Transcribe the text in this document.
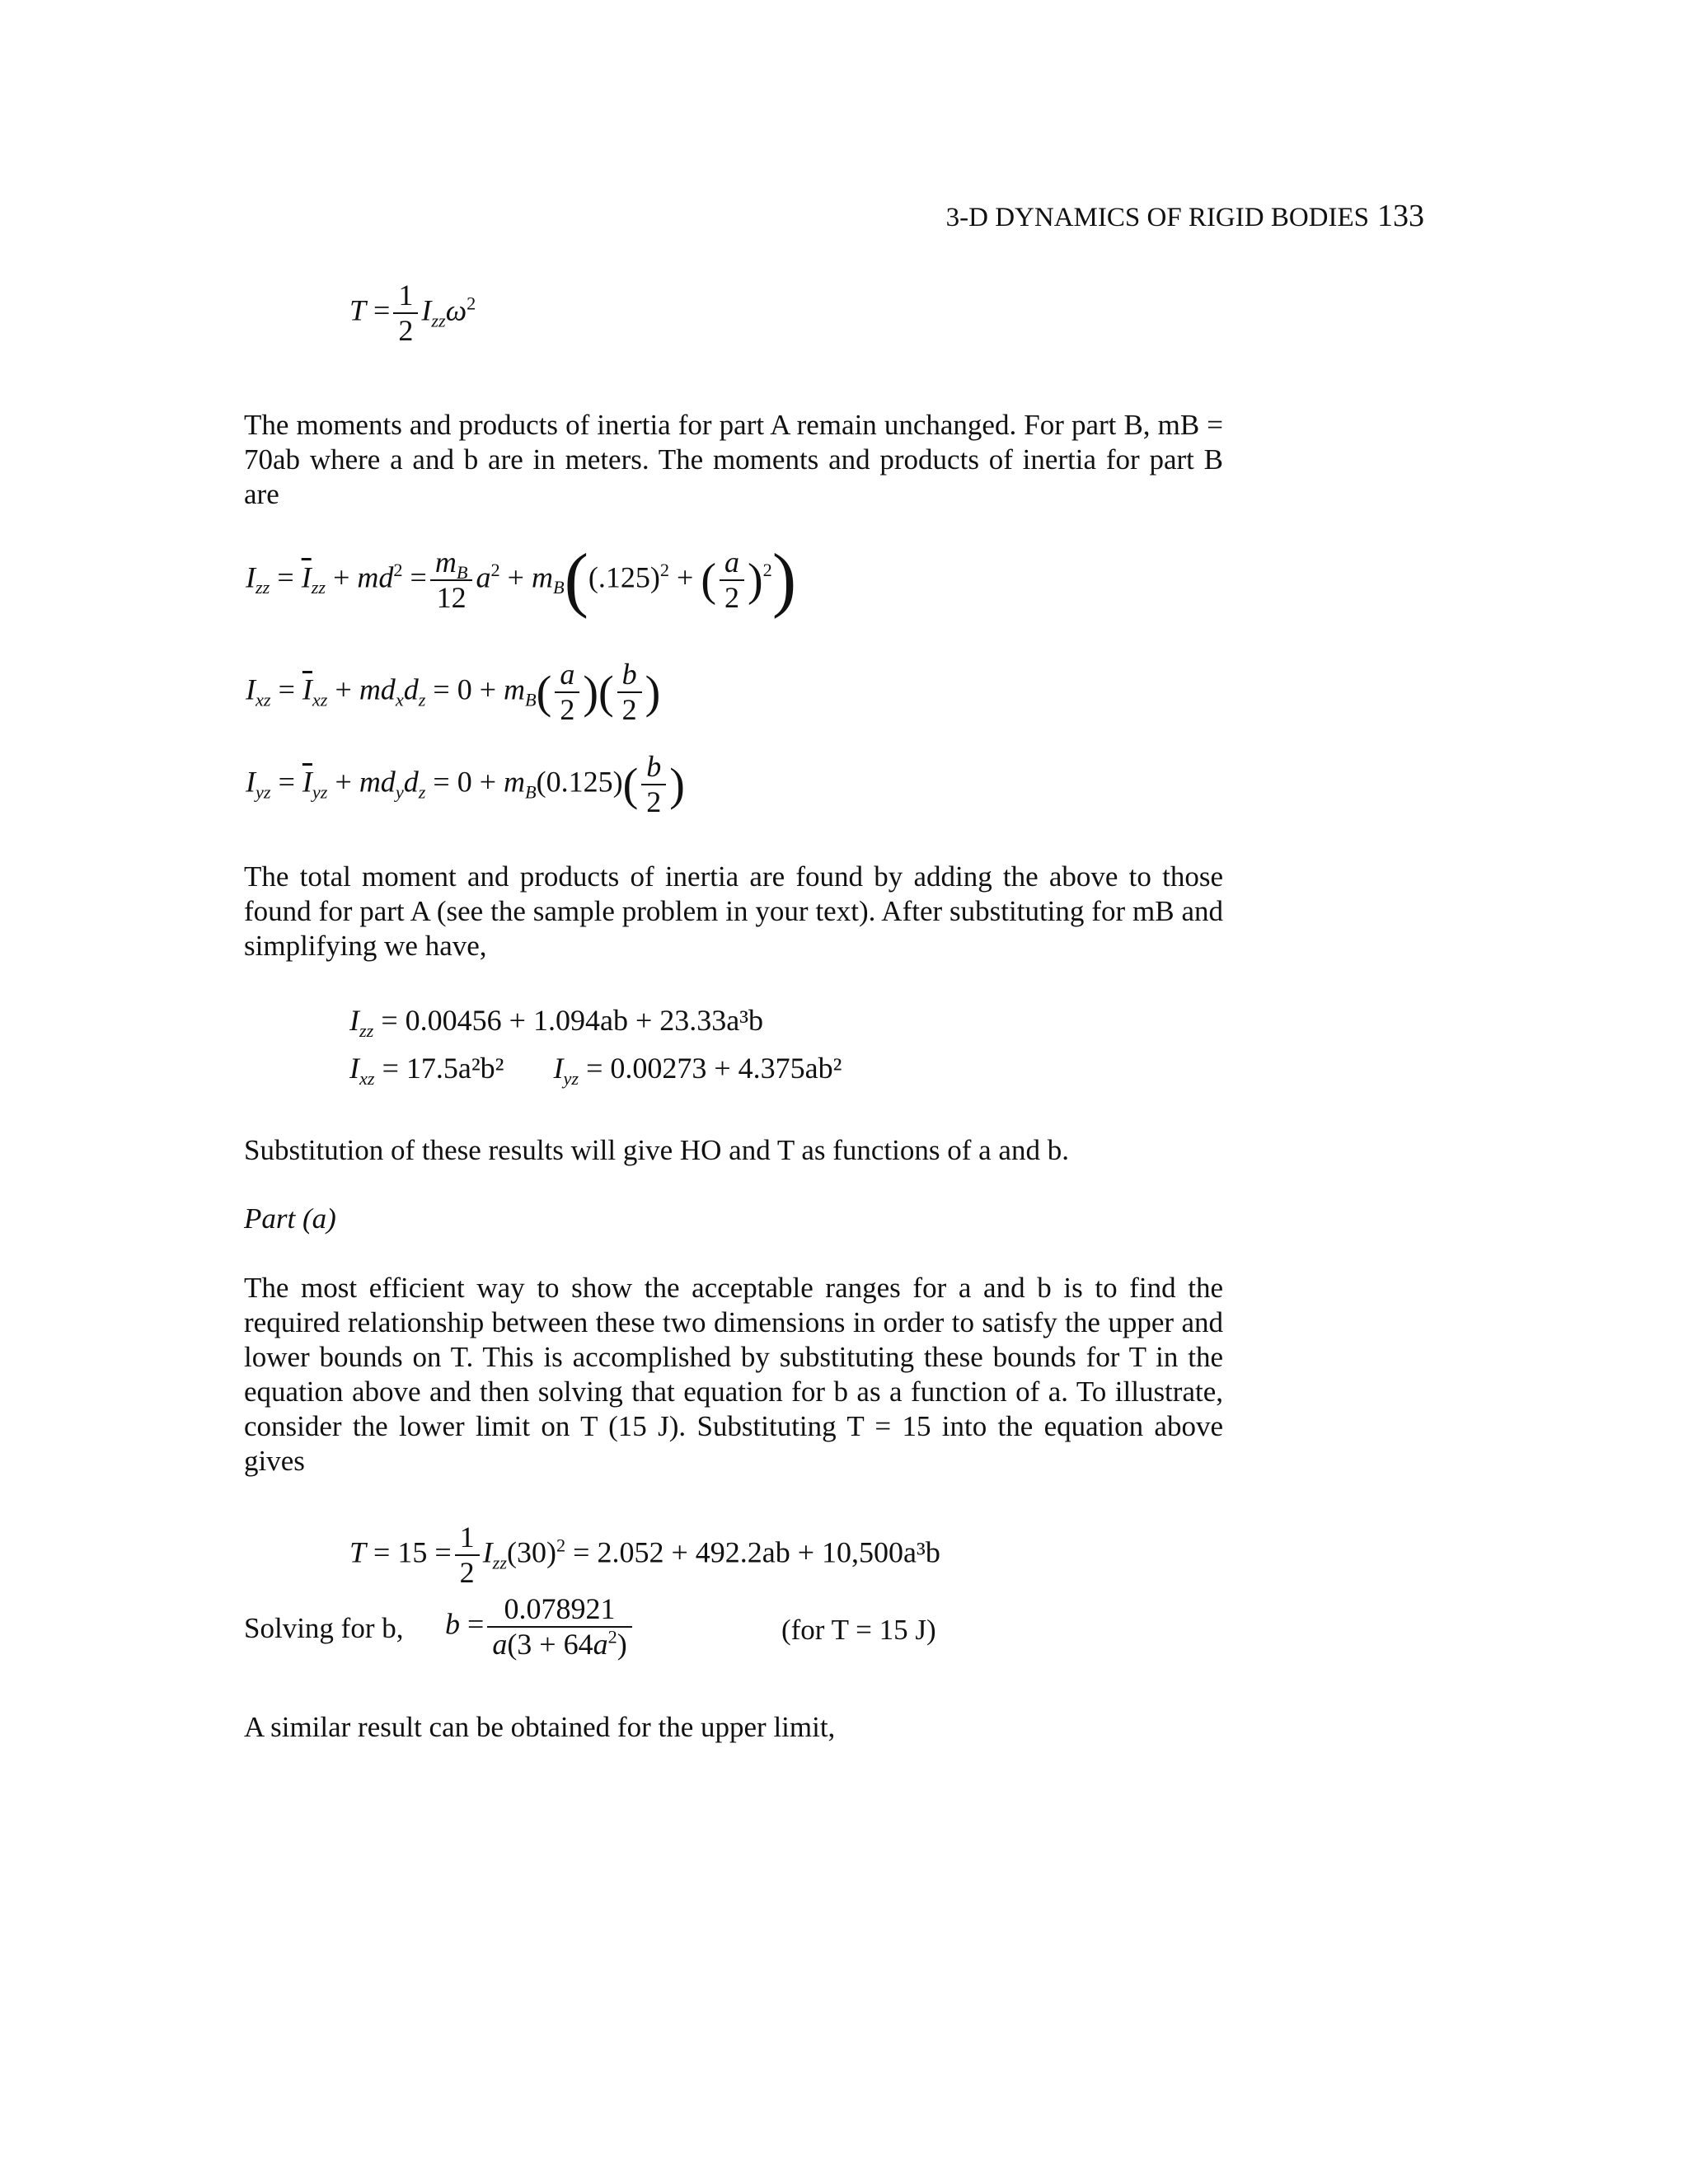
3-D DYNAMICS OF RIGID BODIES 133
$T = \frac{1}{2} I_{zz}\omega^2$
The moments and products of inertia for part A remain unchanged. For part B, mB = 70ab where a and b are in meters. The moments and products of inertia for part B are
$I_{zz} = \overline{I}_{zz} + md^2 = \frac{m_B}{12} a^2 + m_B((.125)^2$ + ( $\frac{a}{2} )^2$)
$I_{xz} = \overline{I}_{xz} + md_xd_z = 0 + m_B( \frac{a}{2}$ )( $\frac{b}{2}$ )
$I_{yz} = \overline{I}_{yz} + md_yd_z = 0 + m_B(0.125)( \frac{b}{2}$ )
The total moment and products of inertia are found by adding the above to those found for part A (see the sample problem in your text). After substituting for mB and simplifying we have,
$I_{zz} = 0.00456 + 1.094ab + 23.33a^3b$
$I_{xz} = 17.5a^2b^2$ $I_{yz} = 0.00273 + 4.375ab^2$
Substitution of these results will give HO and T as functions of a and b.
Part (a)
The most efficient way to show the acceptable ranges for a and b is to find the required relationship between these two dimensions in order to satisfy the upper and lower bounds on T. This is accomplished by substituting these bounds for T in the equation above and then solving that equation for b as a function of a. To illustrate, consider the lower limit on T (15 J). Substituting T = 15 into the equation above gives
$T = 15 = \frac{1}{2} I_{zz}(30)^2 = 2.052 + 492.2ab + 10,500a^3b$
Solving for b, $b = \frac{0.078921}{a(3 + 64a^2)}$	(for T = 15 J)
A similar result can be obtained for the upper limit,
